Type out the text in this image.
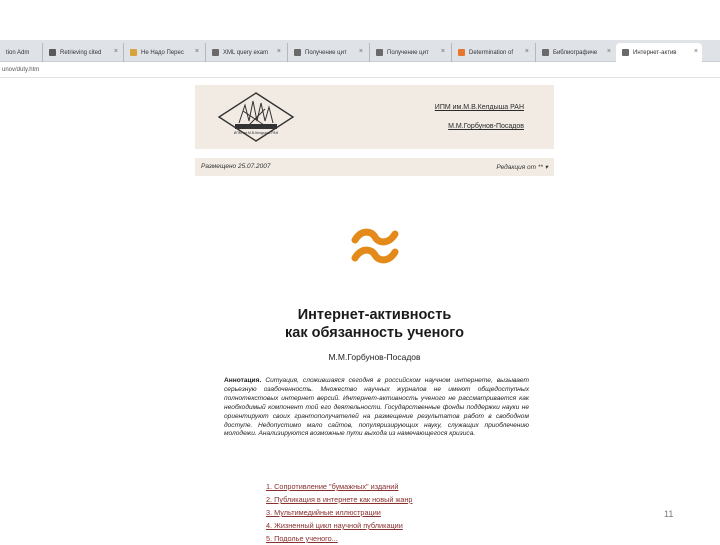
tion Adm	Retrieving cited ×	He Надо Перес ×	XML query exam ×	Получение цит ×	Получение цит ×	Determination of ×	Библиографиче ×	Интернет-актив ×
unov/duty.htm
ИПМ им.М.В.Келдыша РАН
ИПМ им.М.В.Келдыша РАН
М.М.Горбунов-Посадов
Размещено 25.07.2007	Редакция от ** ▾
Интернет-активность
как обязанность ученого
М.М.Горбунов-Посадов
Аннотация. Ситуация, сложившаяся сегодня в российском научном интернете, вызывает серьезную озабоченность. Множество научных журналов не имеют общедоступных полнотекстовых интернет версий. Интернет-активность ученого не рассматривается как необходимый компонент той его деятельности. Государственные фонды поддержки науки не ориентируют своих грантополучателей на размещение результатов работ в свободном доступе. Недопустимо мало сайтов, популяризирующих науку, служащих приоблечению молодежи. Анализируются возможные пути выхода из намечающегося кризиса.
1. Сопротивление "бумажных" изданий
2. Публикация в интернете как новый жанр
3. Мультимедийные иллюстрации
4. Жизненный цикл научной публикации
5. Подолье ученого...
11
